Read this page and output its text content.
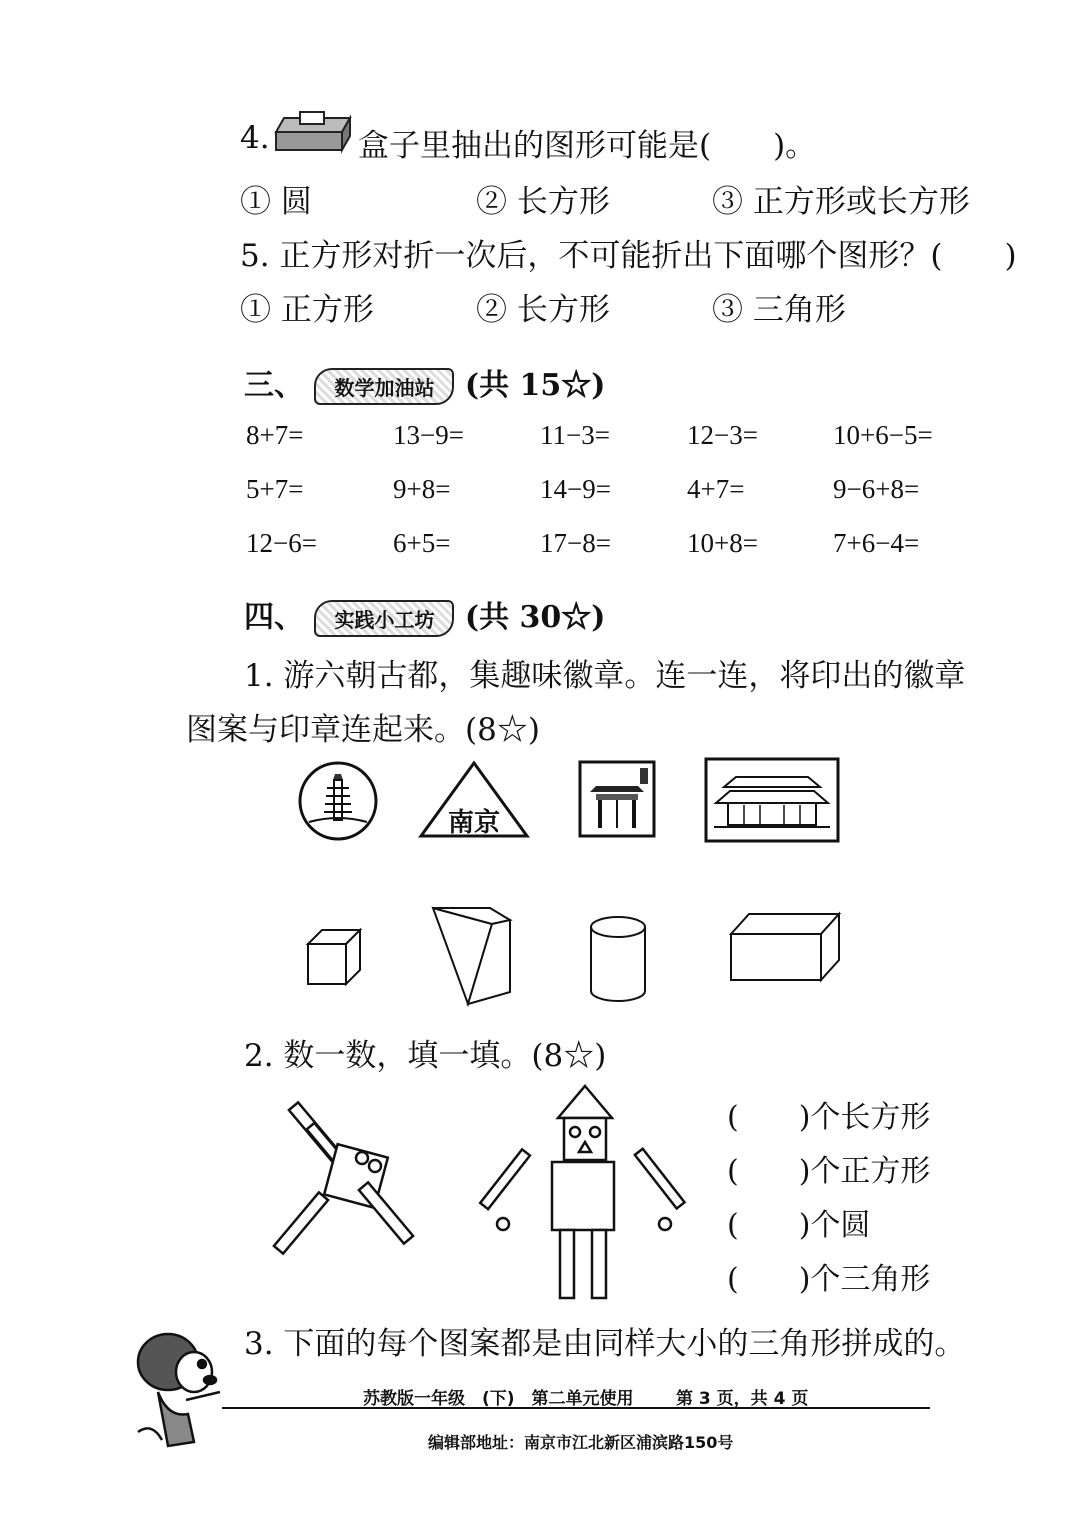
4.	盒子里抽出的图形可能是(　　)。
① 圆	② 长方形	③ 正方形或长方形
5. 正方形对折一次后，不可能折出下面哪个图形？(　　)
① 正方形	② 长方形	③ 三角形
三、 数学加油站 (共 15☆)
8+7=	13−9=	11−3=	12−3=	10+6−5=
5+7=	9+8=	14−9=	4+7=	9−6+8=
12−6=	6+5=	17−8=	10+8=	7+6−4=
四、 实践小工坊 (共 30☆)
1. 游六朝古都，集趣味徽章。连一连，将印出的徽章
图案与印章连起来。(8☆)
南京
2. 数一数，填一填。(8☆)
(　　)个长方形
(　　)个正方形
(　　)个圆
(　　)个三角形
3. 下面的每个图案都是由同样大小的三角形拼成的。
苏教版一年级　(下)　第二单元使用 第 3 页，共 4 页
编辑部地址：南京市江北新区浦滨路150号
